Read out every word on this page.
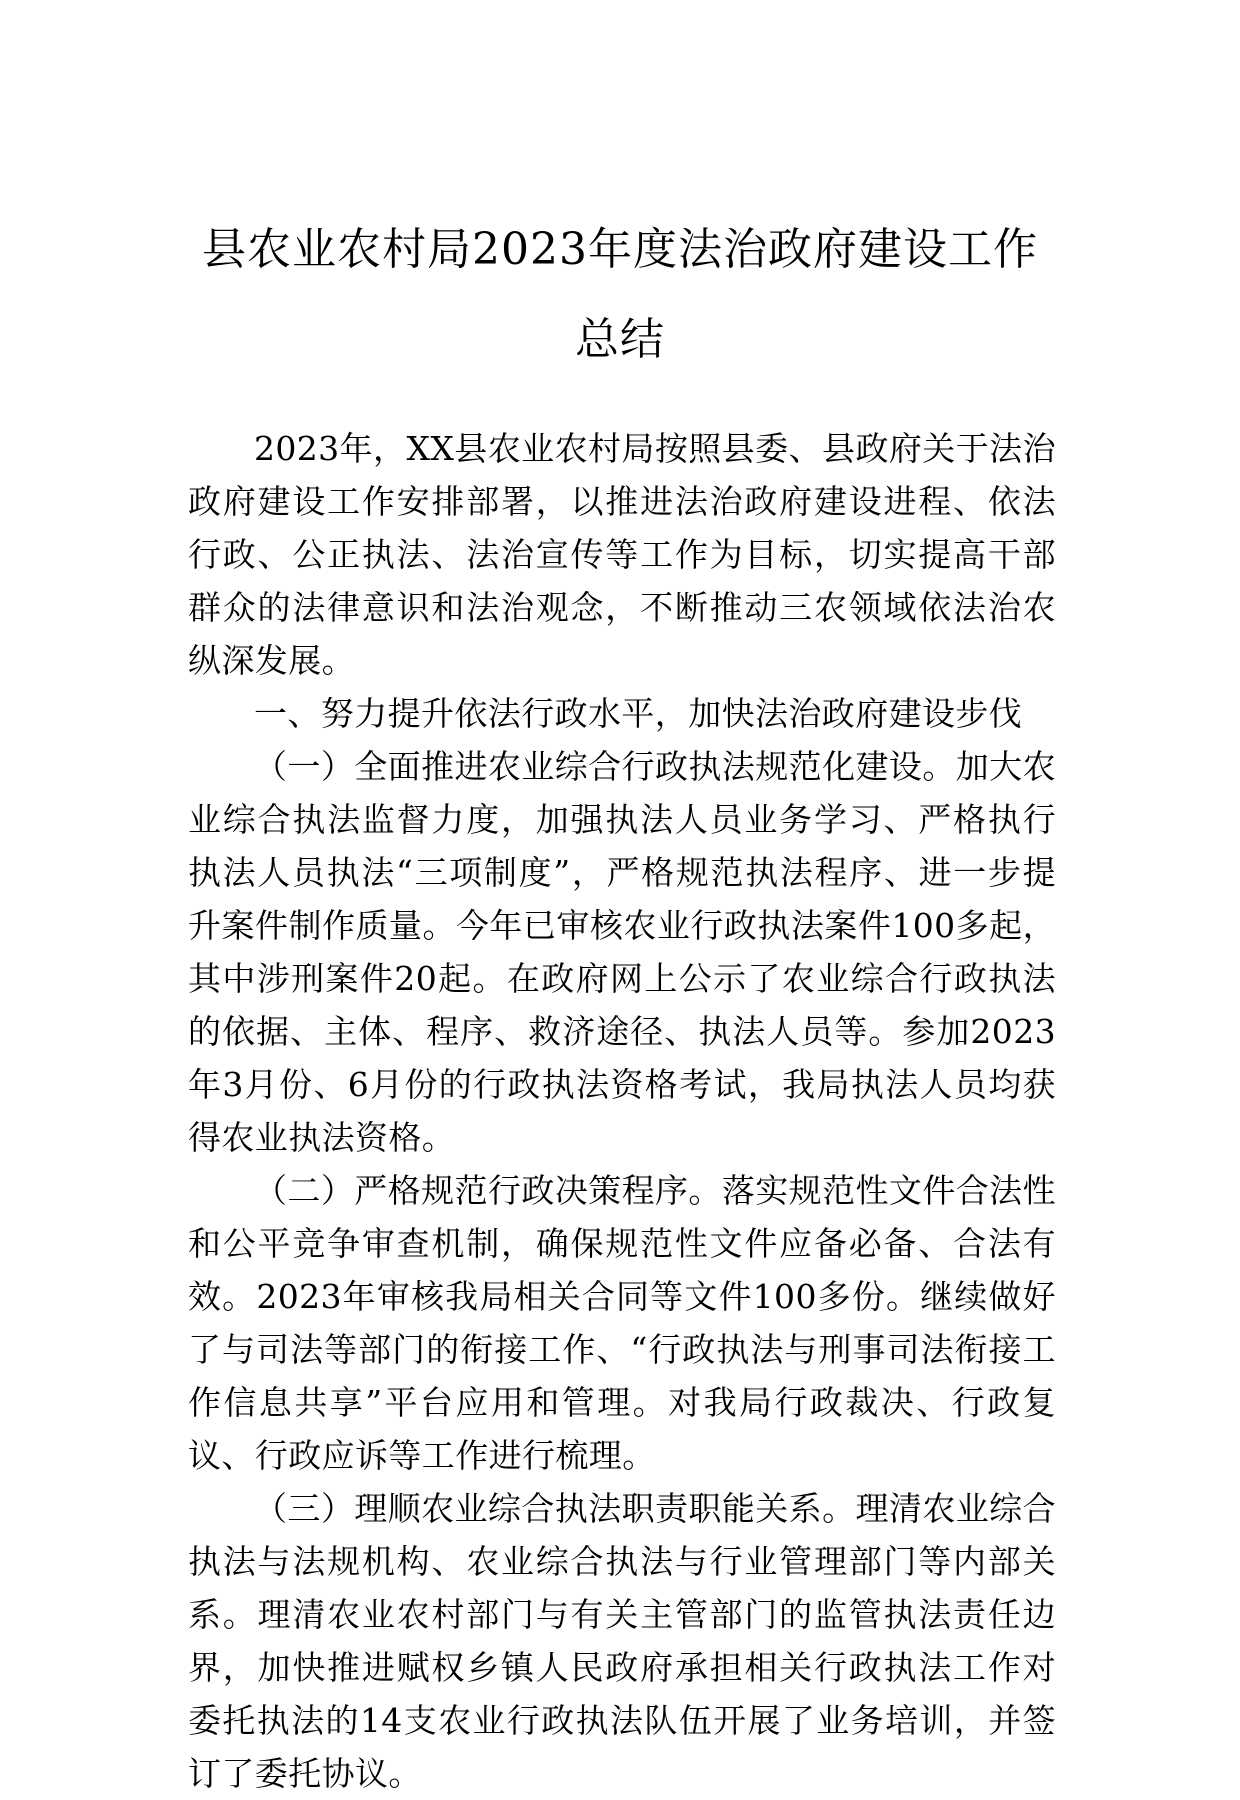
县农业农村局2023年度法治政府建设工作
总结

2023年，XX县农业农村局按照县委、县政府关于法治政府建设工作安排部署，以推进法治政府建设进程、依法行政、公正执法、法治宣传等工作为目标，切实提高干部群众的法律意识和法治观念，不断推动三农领域依法治农纵深发展。

一、努力提升依法行政水平，加快法治政府建设步伐

（一）全面推进农业综合行政执法规范化建设。加大农业综合执法监督力度，加强执法人员业务学习、严格执行执法人员执法“三项制度”，严格规范执法程序、进一步提升案件制作质量。今年已审核农业行政执法案件100多起，其中涉刑案件20起。在政府网上公示了农业综合行政执法的依据、主体、程序、救济途径、执法人员等。参加2023年3月份、6月份的行政执法资格考试，我局执法人员均获得农业执法资格。

（二）严格规范行政决策程序。落实规范性文件合法性和公平竞争审查机制，确保规范性文件应备必备、合法有效。2023年审核我局相关合同等文件100多份。继续做好了与司法等部门的衔接工作、“行政执法与刑事司法衔接工作信息共享”平台应用和管理。对我局行政裁决、行政复议、行政应诉等工作进行梳理。

（三）理顺农业综合执法职责职能关系。理清农业综合执法与法规机构、农业综合执法与行业管理部门等内部关系。理清农业农村部门与有关主管部门的监管执法责任边界，加快推进赋权乡镇人民政府承担相关行政执法工作对委托执法的14支农业行政执法队伍开展了业务培训，并签订了委托协议。
